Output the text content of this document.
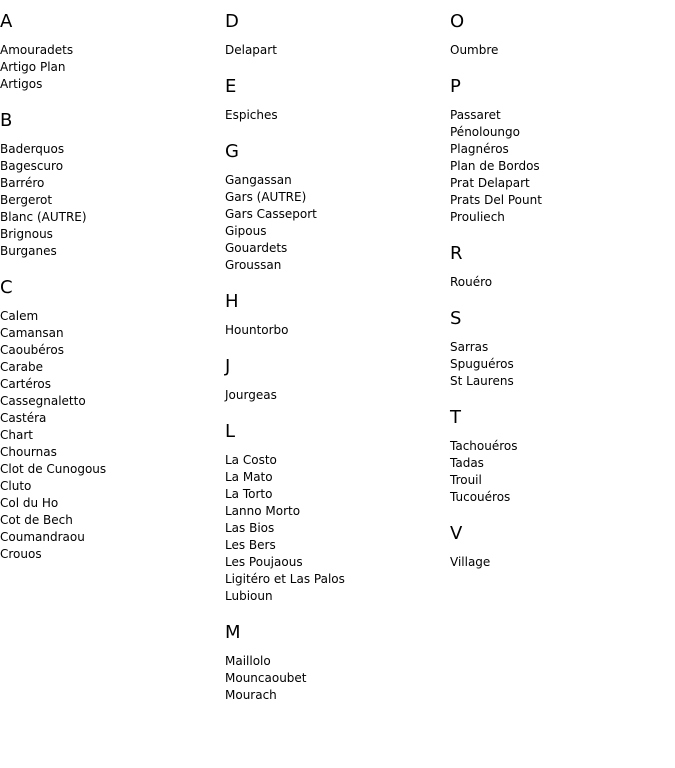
A
Amouradets
Artigo Plan
Artigos
B
Baderquos
Bagescuro
Barréro
Bergerot
Blanc (AUTRE)
Brignous
Burganes
C
Calem
Camansan
Caoubéros
Carabe
Cartéros
Cassegnaletto
Castéra
Chart
Chournas
Clot de Cunogous
Cluto
Col du Ho
Cot de Bech
Coumandraou
Crouos
D
Delapart
E
Espiches
G
Gangassan
Gars (AUTRE)
Gars Casseport
Gipous
Gouardets
Groussan
H
Hountorbo
J
Jourgeas
L
La Costo
La Mato
La Torto
Lanno Morto
Las Bios
Les Bers
Les Poujaous
Ligitéro et Las Palos
Lubioun
M
Maillolo
Mouncaoubet
Mourach
O
Oumbre
P
Passaret
Pénoloungo
Plagnéros
Plan de Bordos
Prat Delapart
Prats Del Pount
Prouliech
R
Rouéro
S
Sarras
Spuguéros
St Laurens
T
Tachouéros
Tadas
Trouil
Tucouéros
V
Village
